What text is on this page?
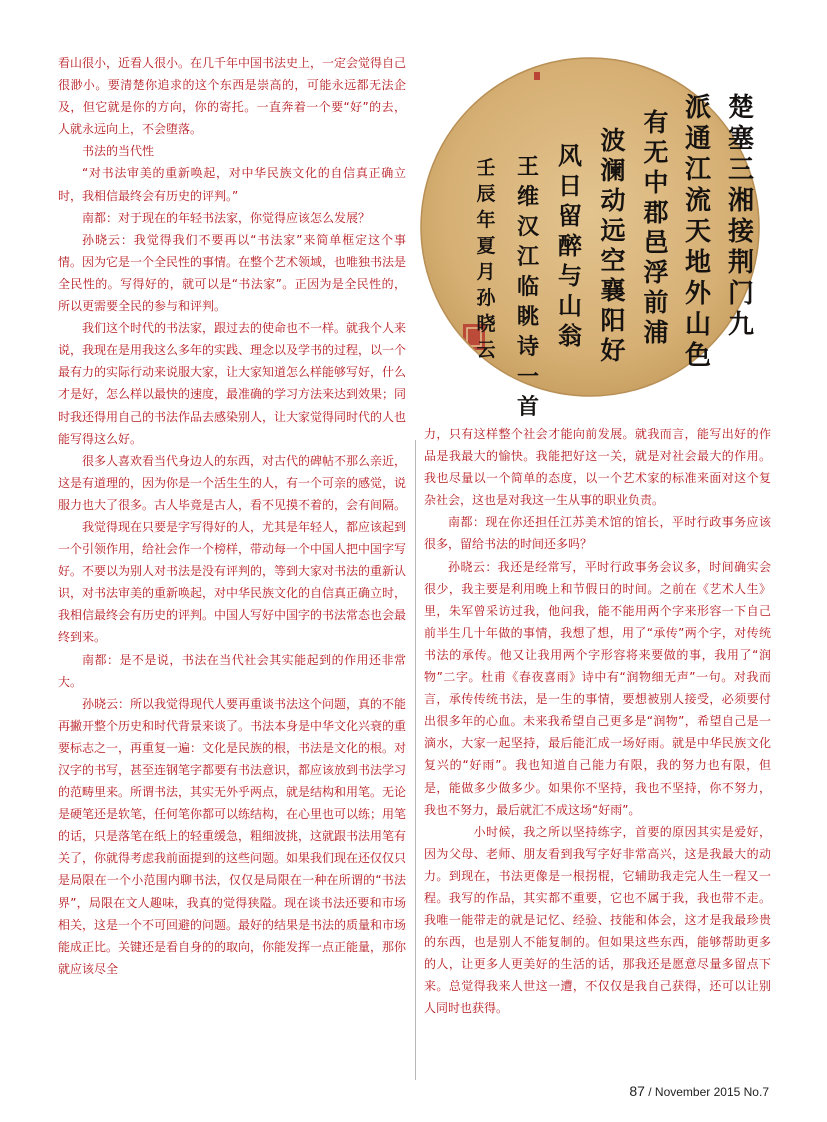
看山很小，近看人很小。在几千年中国书法史上，一定会觉得自己很渺小。要清楚你追求的这个东西是崇高的，可能永远都无法企及，但它就是你的方向，你的寄托。一直奔着一个要“好”的去，人就永远向上，不会堕落。

书法的当代性

“对书法审美的重新唤起，对中华民族文化的自信真正确立时，我相信最终会有历史的评判。”

南都：对于现在的年轻书法家，你觉得应该怎么发展？

孙晓云：我觉得我们不要再以“书法家”来简单框定这个事情。因为它是一个全民性的事情。在整个艺术领域，也唯独书法是全民性的。写得好的，就可以是“书法家”。正因为是全民性的，所以更需要全民的参与和评判。

我们这个时代的书法家，跟过去的使命也不一样。就我个人来说，我现在是用我这么多年的实践、理念以及学书的过程，以一个最有力的实际行动来说服大家，让大家知道怎么样能够写好，什么才是好，怎么样以最快的速度，最准确的学习方法来达到效果；同时我还得用自己的书法作品去感染别人，让大家觉得同时代的人也能写得这么好。

很多人喜欢看当代身边人的东西，对古代的碑帖不那么亲近，这是有道理的，因为你是一个活生生的人，有一个可亲的感觉，说服力也大了很多。古人毕竟是古人，看不见摸不着的，会有间隔。

我觉得现在只要是字写得好的人，尤其是年轻人，都应该起到一个引领作用，给社会作一个榜样，带动每一个中国人把中国字写好。不要以为别人对书法是没有评判的，等到大家对书法的重新认识，对书法审美的重新唤起，对中华民族文化的自信真正确立时，我相信最终会有历史的评判。中国人写好中国字的书法常态也会最终到来。

南都：是不是说，书法在当代社会其实能起到的作用还非常大。

孙晓云：所以我觉得现代人要再重谈书法这个问题，真的不能再撇开整个历史和时代背景来谈了。书法本身是中华文化兴衰的重要标志之一，再重复一遍：文化是民族的根，书法是文化的根。对汉字的书写，甚至连钢笔字都要有书法意识，都应该放到书法学习的范畴里来。所谓书法，其实无外乎两点，就是结构和用笔。无论是硬笔还是软笔，任何笔你都可以练结构，在心里也可以练；用笔的话，只是落笔在纸上的轻重缓急，粗细波挑，这就跟书法用笔有关了，你就得考虑我前面提到的这些问题。如果我们现在还仅仅只是局限在一个小范围内聊书法，仅仅是局限在一种在所谓的“书法界”，局限在文人趣味，我真的觉得狭隘。现在谈书法还要和市场相关，这是一个不可回避的问题。最好的结果是书法的质量和市场能成正比。关键还是看自身的的取向，你能发挥一点正能量，那你就应该尽全

力，只有这样整个社会才能向前发展。就我而言，能写出好的作品是我最大的愉快。我能把好这一关，就是对社会最大的作用。我也尽量以一个简单的态度，以一个艺术家的标准来面对这个复杂社会，这也是对我这一生从事的职业负责。

南都：现在你还担任江苏美术馆的馆长，平时行政事务应该很多，留给书法的时间还多吗？

孙晓云：我还是经常写，平时行政事务会议多，时间确实会很少，我主要是利用晚上和节假日的时间。之前在《艺术人生》里，朱军曾采访过我，他问我，能不能用两个字来形容一下自己前半生几十年做的事情，我想了想，用了“承传”两个字，对传统书法的承传。他又让我用两个字形容将来要做的事，我用了“润物”二字。杜甫《春夜喜雨》诗中有“润物细无声”一句。对我而言，承传传统书法，是一生的事情，要想被别人接受，必须要付出很多年的心血。未来我希望自己更多是“润物”，希望自己是一滴水，大家一起坚持，最后能汇成一场好雨。就是中华民族文化复兴的“好雨”。我也知道自己能力有限，我的努力也有限，但是，能做多少做多少。如果你不坚持，我也不坚持，你不努力，我也不努力，最后就汇不成这场“好雨”。

　　　　小时候，我之所以坚持练字，首要的原因其实是爱好，因为父母、老师、朋友看到我写字好非常高兴，这是我最大的动力。到现在，书法更像是一根拐棍，它辅助我走完人生一程又一程。我写的作品，其实都不重要，它也不属于我，我也带不走。我唯一能带走的就是记忆、经验、技能和体会，这才是我最珍贵的东西，也是别人不能复制的。但如果这些东西，能够帮助更多的人，让更多人更美好的生活的话，那我还是愿意尽量多留点下来。总觉得我来人世这一遭，不仅仅是我自己获得，还可以让别人同时也获得。

楚塞三湘接荆门九
派通江流天地外山色
有无中郡邑浮前浦
波澜动远空襄阳好
风日留醉与山翁
王维汉江临眺诗一首
壬辰年夏月孙晓云
87 / November 2015 No.7
